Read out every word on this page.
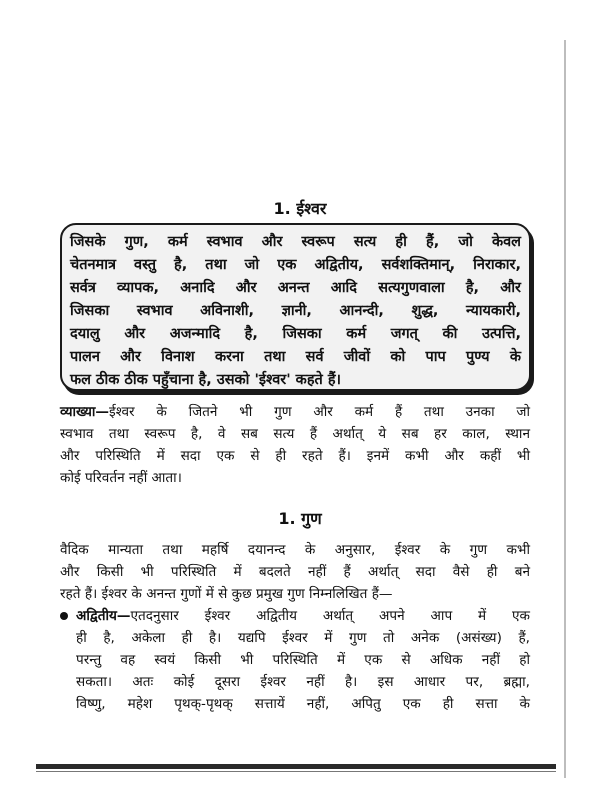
1. ईश्वर
जिसके गुण, कर्म स्वभाव और स्वरूप सत्य ही हैं, जो केवल
चेतनमात्र वस्तु है, तथा जो एक अद्वितीय, सर्वशक्तिमान्, निराकार,
सर्वत्र व्यापक, अनादि और अनन्त आदि सत्यगुणवाला है, और
जिसका स्वभाव अविनाशी, ज्ञानी, आनन्दी, शुद्ध, न्यायकारी,
दयालु और अजन्मादि है, जिसका कर्म जगत् की उत्पत्ति,
पालन और विनाश करना तथा सर्व जीवों को पाप पुण्य के
फल ठीक ठीक पहुँचाना है, उसको 'ईश्वर' कहते हैं।
व्याख्या—ईश्वर के जितने भी गुण और कर्म हैं तथा उनका जो
स्वभाव तथा स्वरूप है, वे सब सत्य हैं अर्थात् ये सब हर काल, स्थान
और परिस्थिति में सदा एक से ही रहते हैं। इनमें कभी और कहीं भी
कोई परिवर्तन नहीं आता।
1. गुण
वैदिक मान्यता तथा महर्षि दयानन्द के अनुसार, ईश्वर के गुण कभी
और किसी भी परिस्थिति में बदलते नहीं हैं अर्थात् सदा वैसे ही बने
रहते हैं। ईश्वर के अनन्त गुणों में से कुछ प्रमुख गुण निम्नलिखित हैं—
अद्वितीय—एतदनुसार ईश्वर अद्वितीय अर्थात् अपने आप में एक
ही है, अकेला ही है। यद्यपि ईश्वर में गुण तो अनेक (असंख्य) हैं,
परन्तु वह स्वयं किसी भी परिस्थिति में एक से अधिक नहीं हो
सकता। अतः कोई दूसरा ईश्वर नहीं है। इस आधार पर, ब्रह्मा,
विष्णु, महेश पृथक्-पृथक् सत्तायें नहीं, अपितु एक ही सत्ता के
